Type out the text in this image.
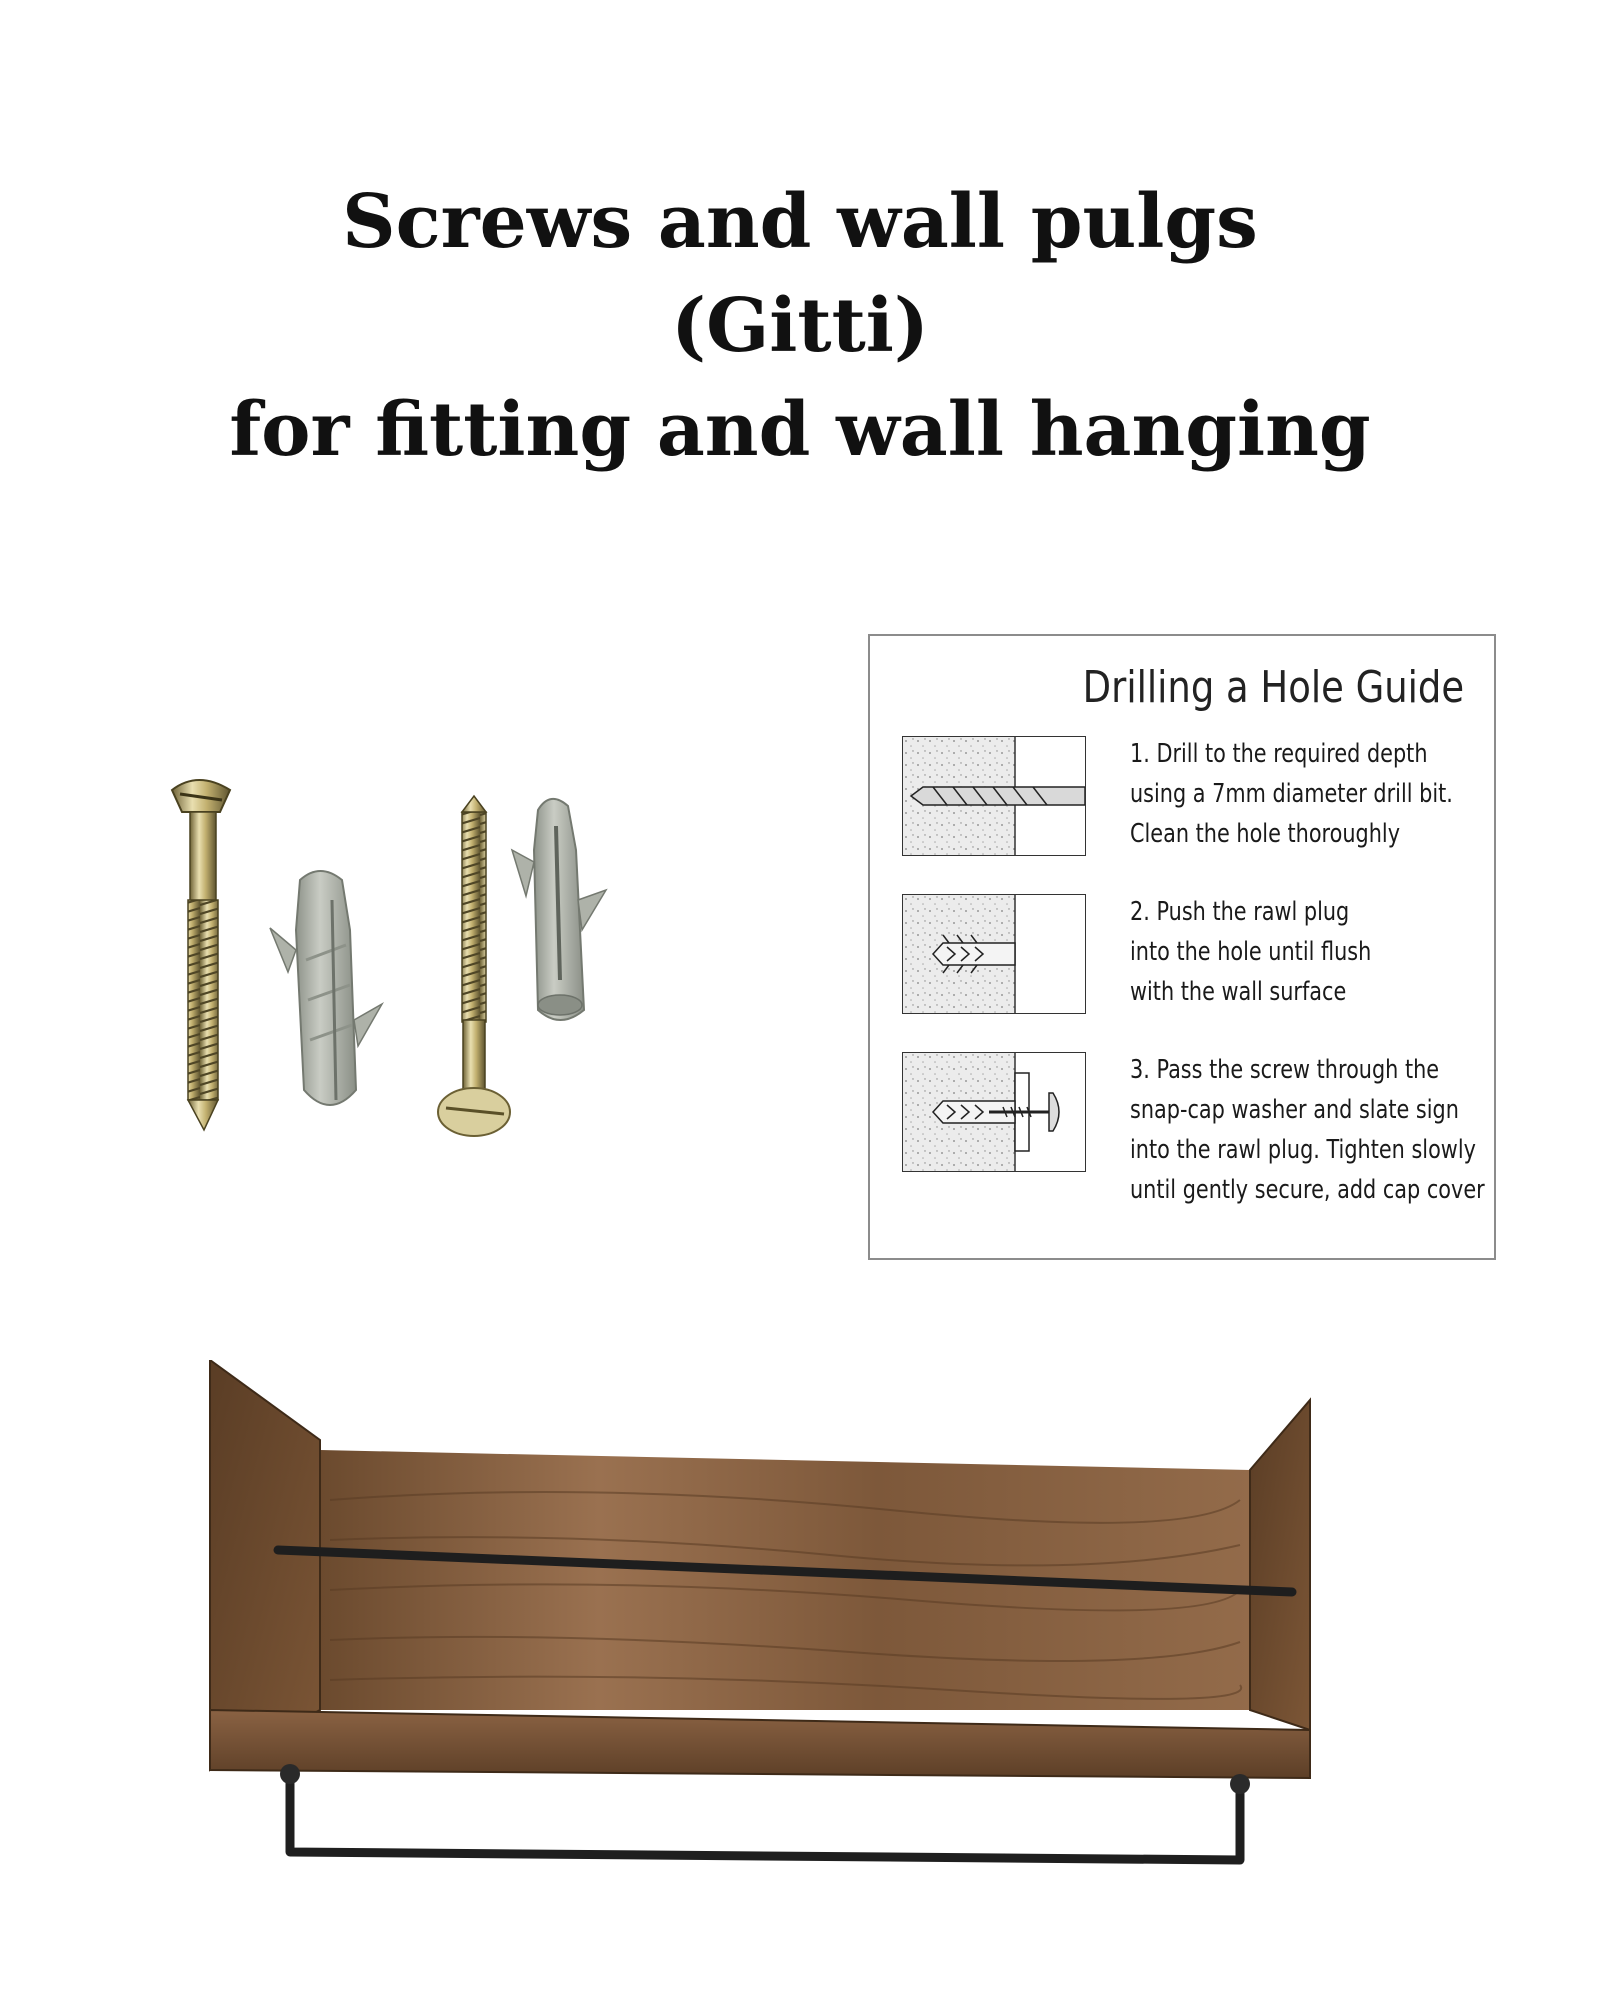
Screws and wall pulgs
(Gitti)
for fitting and wall hanging
Drilling a Hole Guide
1. Drill to the required depth
using a 7mm diameter drill bit.
Clean the hole thoroughly
2. Push the rawl plug
into the hole until flush
with the wall surface
3. Pass the screw through the
snap-cap washer and slate sign
into the rawl plug. Tighten slowly
until gently secure, add cap cover
